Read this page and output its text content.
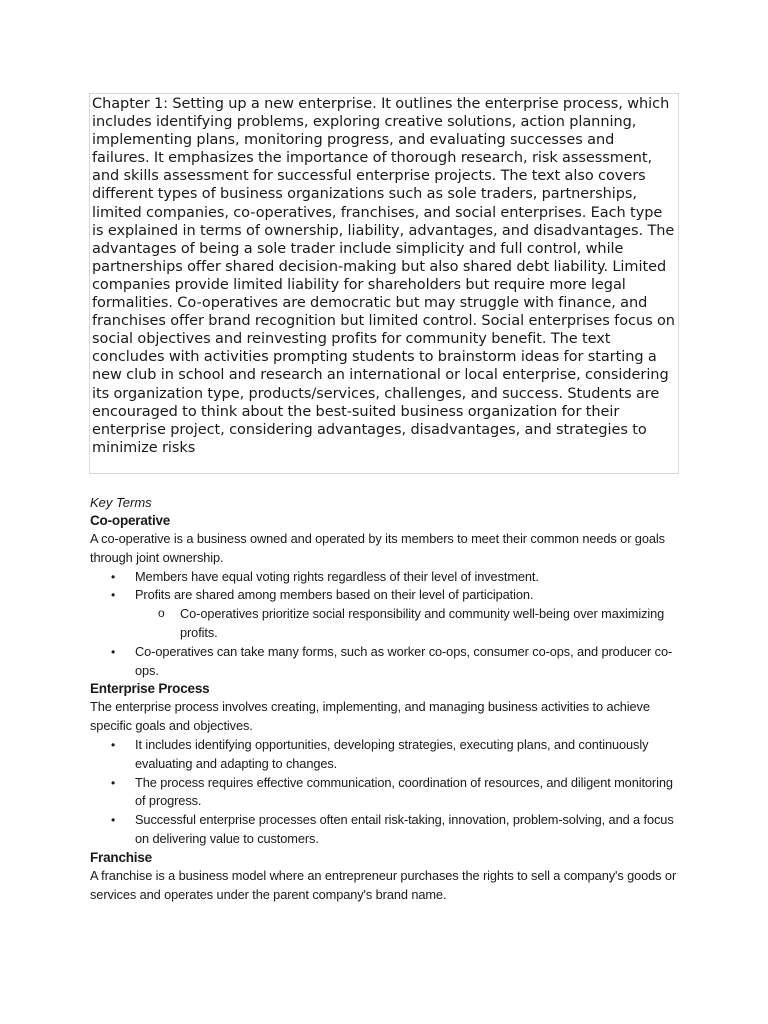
Chapter 1: Setting up a new enterprise. It outlines the enterprise process, which includes identifying problems, exploring creative solutions, action planning, implementing plans, monitoring progress, and evaluating successes and failures. It emphasizes the importance of thorough research, risk assessment, and skills assessment for successful enterprise projects. The text also covers different types of business organizations such as sole traders, partnerships, limited companies, co-operatives, franchises, and social enterprises. Each type is explained in terms of ownership, liability, advantages, and disadvantages. The advantages of being a sole trader include simplicity and full control, while partnerships offer shared decision-making but also shared debt liability. Limited companies provide limited liability for shareholders but require more legal formalities. Co-operatives are democratic but may struggle with finance, and franchises offer brand recognition but limited control. Social enterprises focus on social objectives and reinvesting profits for community benefit. The text concludes with activities prompting students to brainstorm ideas for starting a new club in school and research an international or local enterprise, considering its organization type, products/services, challenges, and success. Students are encouraged to think about the best-suited business organization for their enterprise project, considering advantages, disadvantages, and strategies to minimize risks

Key Terms

Co-operative

A co-operative is a business owned and operated by its members to meet their common needs or goals through joint ownership.

• Members have equal voting rights regardless of their level of investment.
• Profits are shared among members based on their level of participation.
o Co-operatives prioritize social responsibility and community well-being over maximizing profits.
• Co-operatives can take many forms, such as worker co-ops, consumer co-ops, and producer co-ops.

Enterprise Process

The enterprise process involves creating, implementing, and managing business activities to achieve specific goals and objectives.

• It includes identifying opportunities, developing strategies, executing plans, and continuously evaluating and adapting to changes.
• The process requires effective communication, coordination of resources, and diligent monitoring of progress.
• Successful enterprise processes often entail risk-taking, innovation, problem-solving, and a focus on delivering value to customers.

Franchise

A franchise is a business model where an entrepreneur purchases the rights to sell a company's goods or services and operates under the parent company's brand name.
